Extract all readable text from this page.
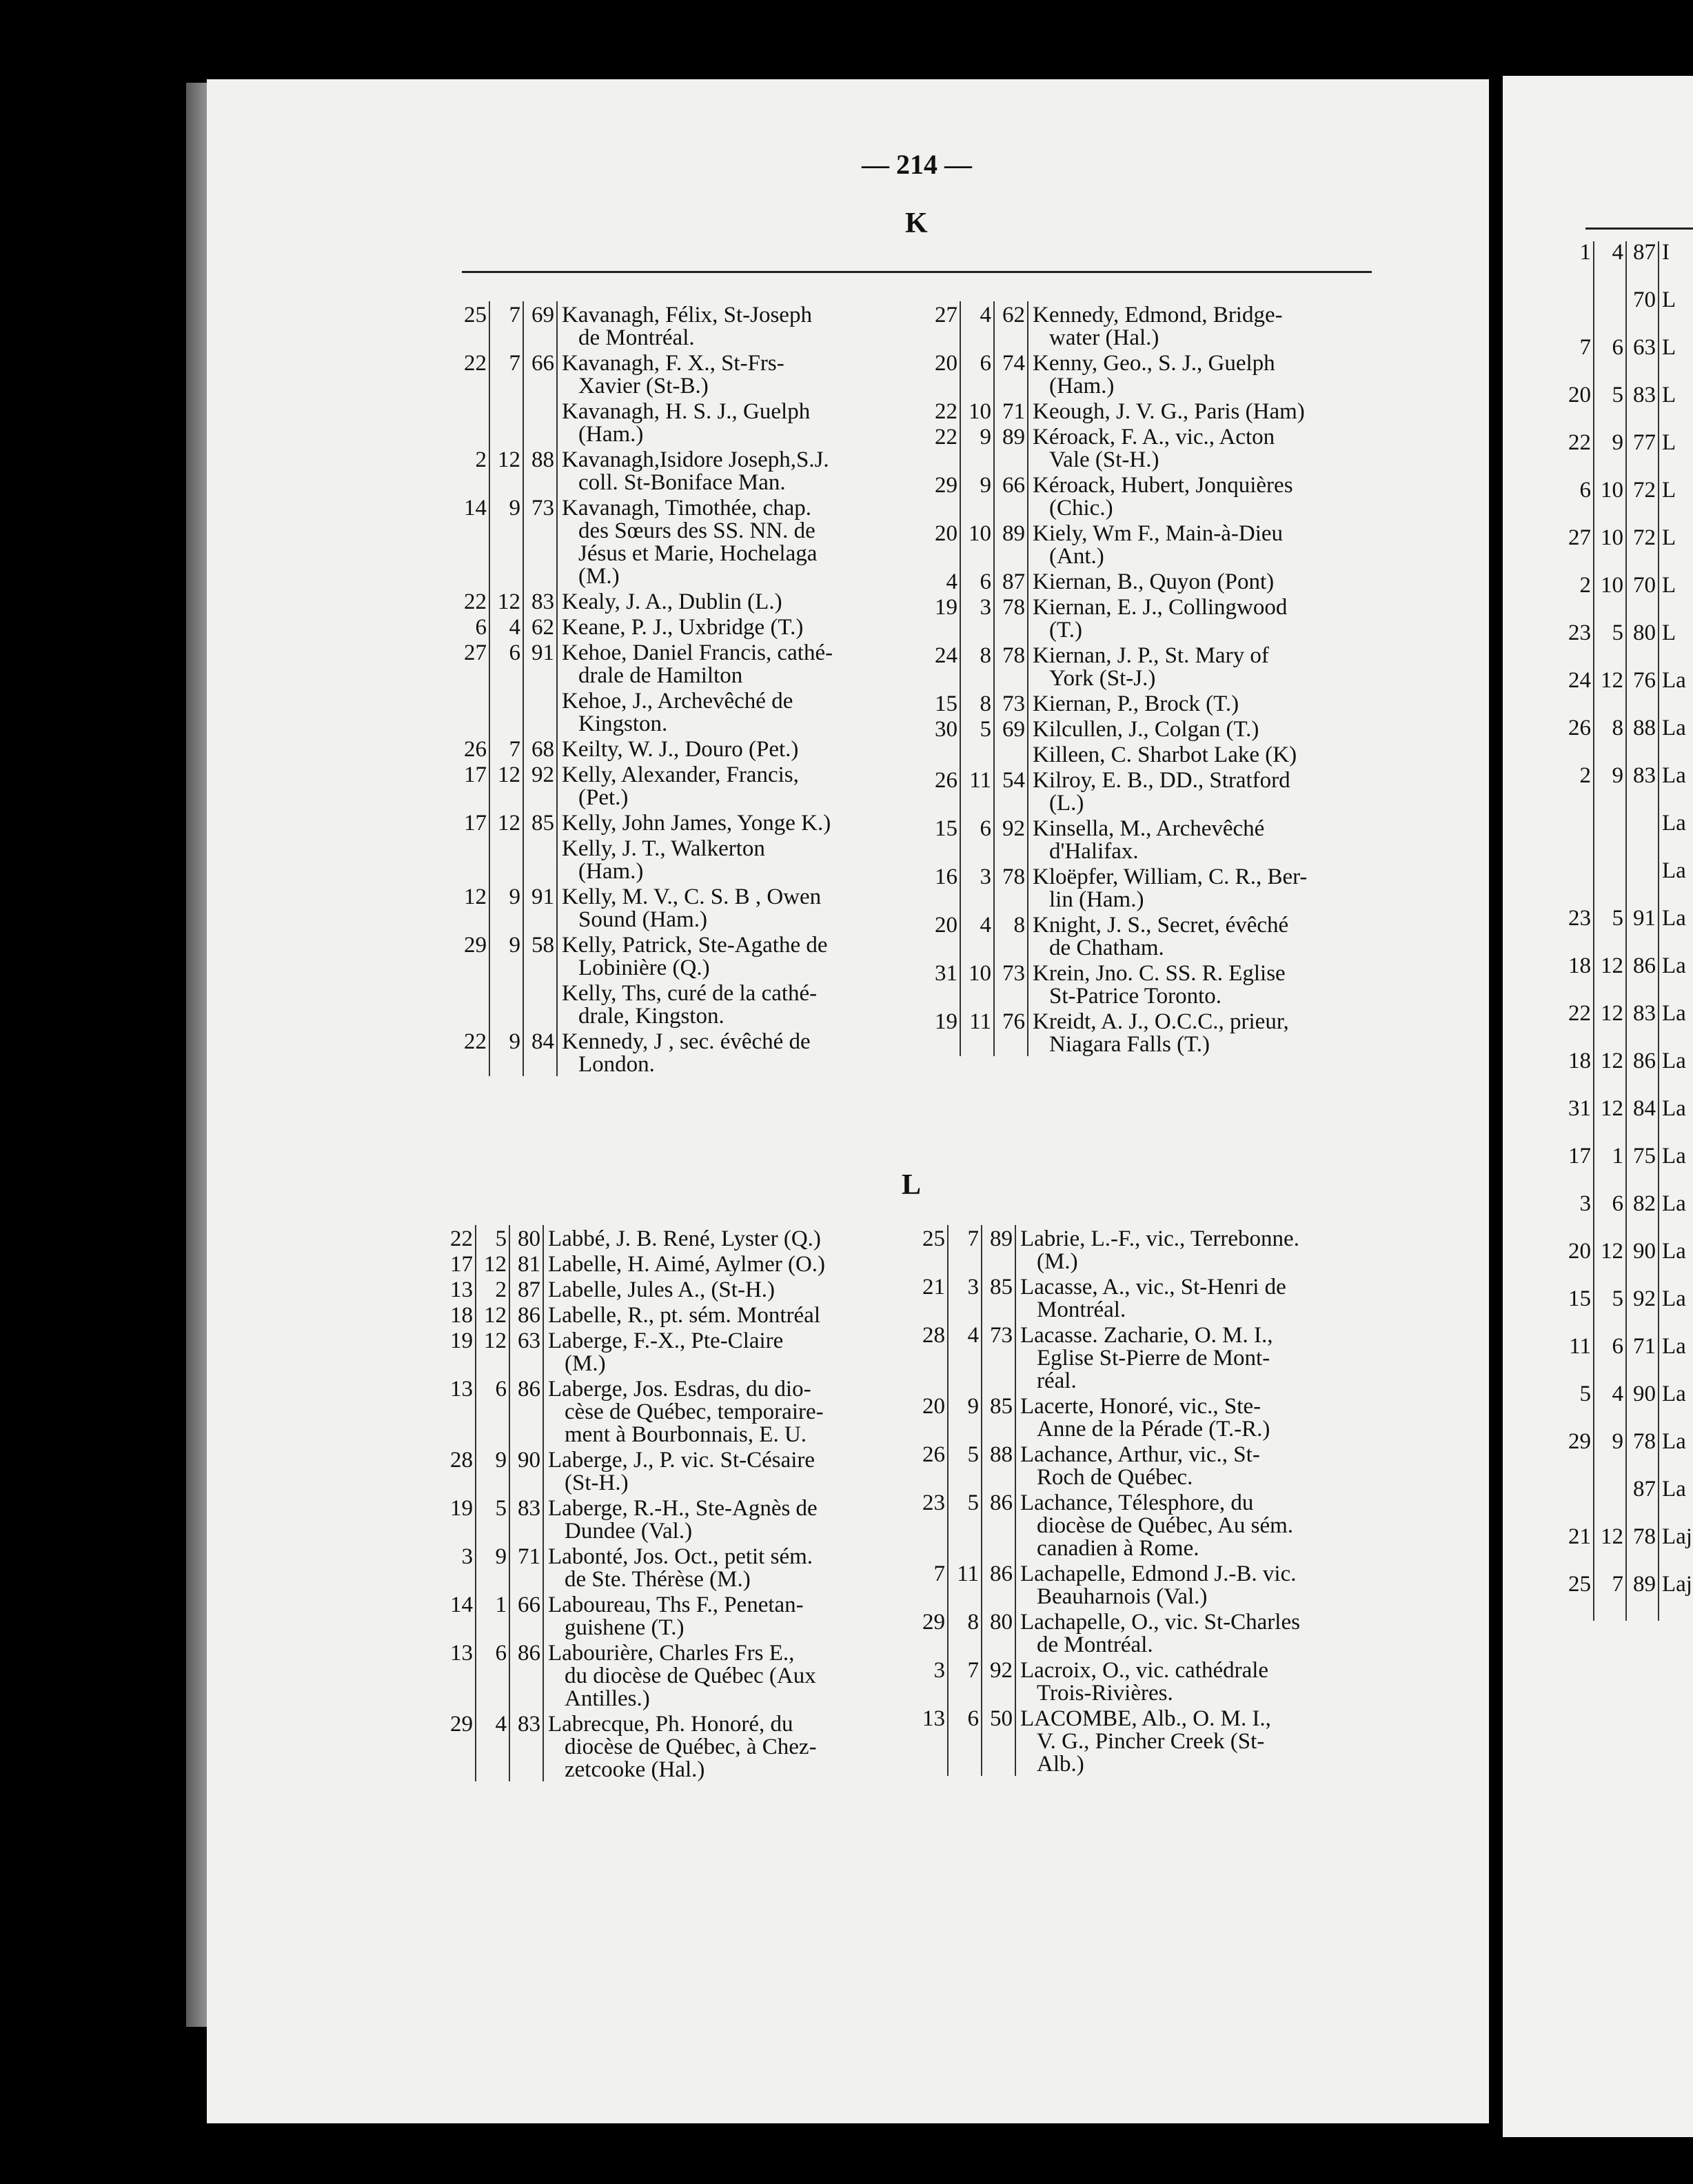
— 214 —
K
25	7	69	Kavanagh, Félix, St-Joseph
			de Montréal.
22	7	66	Kavanagh, F. X., St-Frs-
			Xavier (St-B.)
			Kavanagh, H. S. J., Guelph
			(Ham.)
2	12	88	Kavanagh,Isidore Joseph,S.J.
			coll. St-Boniface Man.
14	9	73	Kavanagh, Timothée, chap.
			des Sœurs des SS. NN. de
			Jésus et Marie, Hochelaga
			(M.)
22	12	83	Kealy, J. A., Dublin (L.)
6	4	62	Keane, P. J., Uxbridge (T.)
27	6	91	Kehoe, Daniel Francis, cathé-
			drale de Hamilton
			Kehoe, J., Archevêché de
			Kingston.
26	7	68	Keilty, W. J., Douro (Pet.)
17	12	92	Kelly, Alexander, Francis,
			(Pet.)
17	12	85	Kelly, John James, Yonge K.)
			Kelly, J. T., Walkerton
			(Ham.)
12	9	91	Kelly, M. V., C. S. B , Owen
			Sound (Ham.)
29	9	58	Kelly, Patrick, Ste-Agathe de
			Lobinière (Q.)
			Kelly, Ths, curé de la cathé-
			drale, Kingston.
22	9	84	Kennedy, J , sec. évêché de
			London.
27	4	62	Kennedy, Edmond, Bridge-
			water (Hal.)
20	6	74	Kenny, Geo., S. J., Guelph
			(Ham.)
22	10	71	Keough, J. V. G., Paris (Ham)
22	9	89	Kéroack, F. A., vic., Acton
			Vale (St-H.)
29	9	66	Kéroack, Hubert, Jonquières
			(Chic.)
20	10	89	Kiely, Wm F., Main-à-Dieu
			(Ant.)
4	6	87	Kiernan, B., Quyon (Pont)
19	3	78	Kiernan, E. J., Collingwood
			(T.)
24	8	78	Kiernan, J. P., St. Mary of
			York (St-J.)
15	8	73	Kiernan, P., Brock (T.)
30	5	69	Kilcullen, J., Colgan (T.)
			Killeen, C. Sharbot Lake (K)
26	11	54	Kilroy, E. B., DD., Stratford
			(L.)
15	6	92	Kinsella, M., Archevêché
			d'Halifax.
16	3	78	Kloëpfer, William, C. R., Ber-
			lin (Ham.)
20	4	8	Knight, J. S., Secret, évêché
			de Chatham.
31	10	73	Krein, Jno. C. SS. R. Eglise
			St-Patrice Toronto.
19	11	76	Kreidt, A. J., O.C.C., prieur,
			Niagara Falls (T.)
L
22	5	80	Labbé, J. B. René, Lyster (Q.)
17	12	81	Labelle, H. Aimé, Aylmer (O.)
13	2	87	Labelle, Jules A., (St-H.)
18	12	86	Labelle, R., pt. sém. Montréal
19	12	63	Laberge, F.-X., Pte-Claire
			(M.)
13	6	86	Laberge, Jos. Esdras, du dio-
			cèse de Québec, temporaire-
			ment à Bourbonnais, E. U.
28	9	90	Laberge, J., P. vic. St-Césaire
			(St-H.)
19	5	83	Laberge, R.-H., Ste-Agnès de
			Dundee (Val.)
3	9	71	Labonté, Jos. Oct., petit sém.
			de Ste. Thérèse (M.)
14	1	66	Laboureau, Ths F., Penetan-
			guishene (T.)
13	6	86	Labourière, Charles Frs E.,
			du diocèse de Québec (Aux
			Antilles.)
29	4	83	Labrecque, Ph. Honoré, du
			diocèse de Québec, à Chez-
			zetcooke (Hal.)
25	7	89	Labrie, L.-F., vic., Terrebonne.
			(M.)
21	3	85	Lacasse, A., vic., St-Henri de
			Montréal.
28	4	73	Lacasse. Zacharie, O. M. I.,
			Eglise St-Pierre de Mont-
			réal.
20	9	85	Lacerte, Honoré, vic., Ste-
			Anne de la Pérade (T.-R.)
26	5	88	Lachance, Arthur, vic., St-
			Roch de Québec.
23	5	86	Lachance, Télesphore, du
			diocèse de Québec, Au sém.
			canadien à Rome.
7	11	86	Lachapelle, Edmond J.-B. vic.
			Beauharnois (Val.)
29	8	80	Lachapelle, O., vic. St-Charles
			de Montréal.
3	7	92	Lacroix, O., vic. cathédrale
			Trois-Rivières.
13	6	50	LACOMBE, Alb., O. M. I.,
			V. G., Pincher Creek (St-
			Alb.)
1	4	87	I
		70	L
7	6	63	L
20	5	83	L
22	9	77	L
6	10	72	L
27	10	72	L
2	10	70	L
23	5	80	L
24	12	76	La
26	8	88	La
2	9	83	La
			La
			La
23	5	91	La
18	12	86	La
22	12	83	La
18	12	86	La
31	12	84	La
17	1	75	La
3	6	82	La
20	12	90	La
15	5	92	La
11	6	71	La
5	4	90	La
29	9	78	La
		87	La
21	12	78	Laj
25	7	89	Laj
